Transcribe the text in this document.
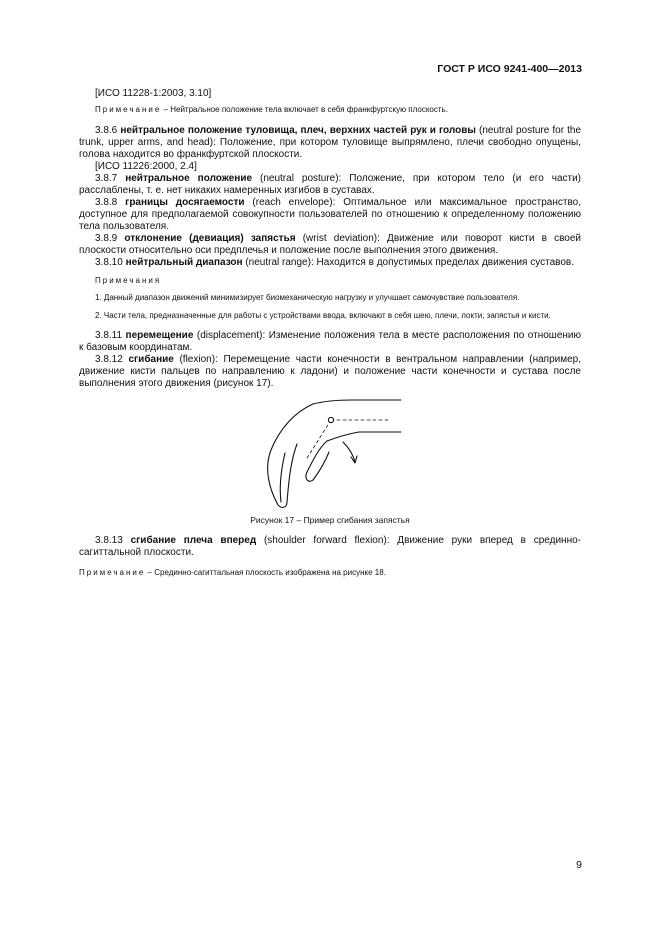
ГОСТ Р ИСО 9241-400—2013

[ИСО 11228-1:2003, 3.10]

Примечание – Нейтральное положение тела включает в себя франкфуртскую плоскость.

3.8.6 нейтральное положение туловища, плеч, верхних частей рук и головы (neutral posture for the trunk, upper arms, and head): Положение, при котором туловище выпрямлено, плечи свободно опущены, голова находится во франкфуртской плоскости.

[ИСО 11226:2000, 2.4]

3.8.7 нейтральное положение (neutral posture): Положение, при котором тело (и его части) расслаблены, т. е. нет никаких намеренных изгибов в суставах.

3.8.8 границы досягаемости (reach envelope): Оптимальное или максимальное пространство, доступное для предполагаемой совокупности пользователей по отношению к определенному положению тела пользователя.

3.8.9 отклонение (девиация) запястья (wrist deviation): Движение или поворот кисти в своей плоскости относительно оси предплечья и положение после выполнения этого движения.

3.8.10 нейтральный диапазон (neutral range): Находится в допустимых пределах движения суставов.

Примечания

1. Данный диапазон движений минимизирует биомеханическую нагрузку и улучшает самочувствие пользователя.

2. Части тела, предназначенные для работы с устройствами ввода, включают в себя шею, плечи, локти, запястья и кисти.

3.8.11 перемещение (displacement): Изменение положения тела в месте расположения по отношению к базовым координатам.

3.8.12 сгибание (flexion): Перемещение части конечности в вентральном направлении (например, движение кисти пальцев по направлению к ладони) и положение части конечности и сустава после выполнения этого движения (рисунок 17).

Рисунок 17 – Пример сгибания запястья

3.8.13 сгибание плеча вперед (shoulder forward flexion): Движение руки вперед в срединно-сагиттальной плоскости.

Примечание – Срединно-сагиттальная плоскость изображена на рисунке 18.

9
